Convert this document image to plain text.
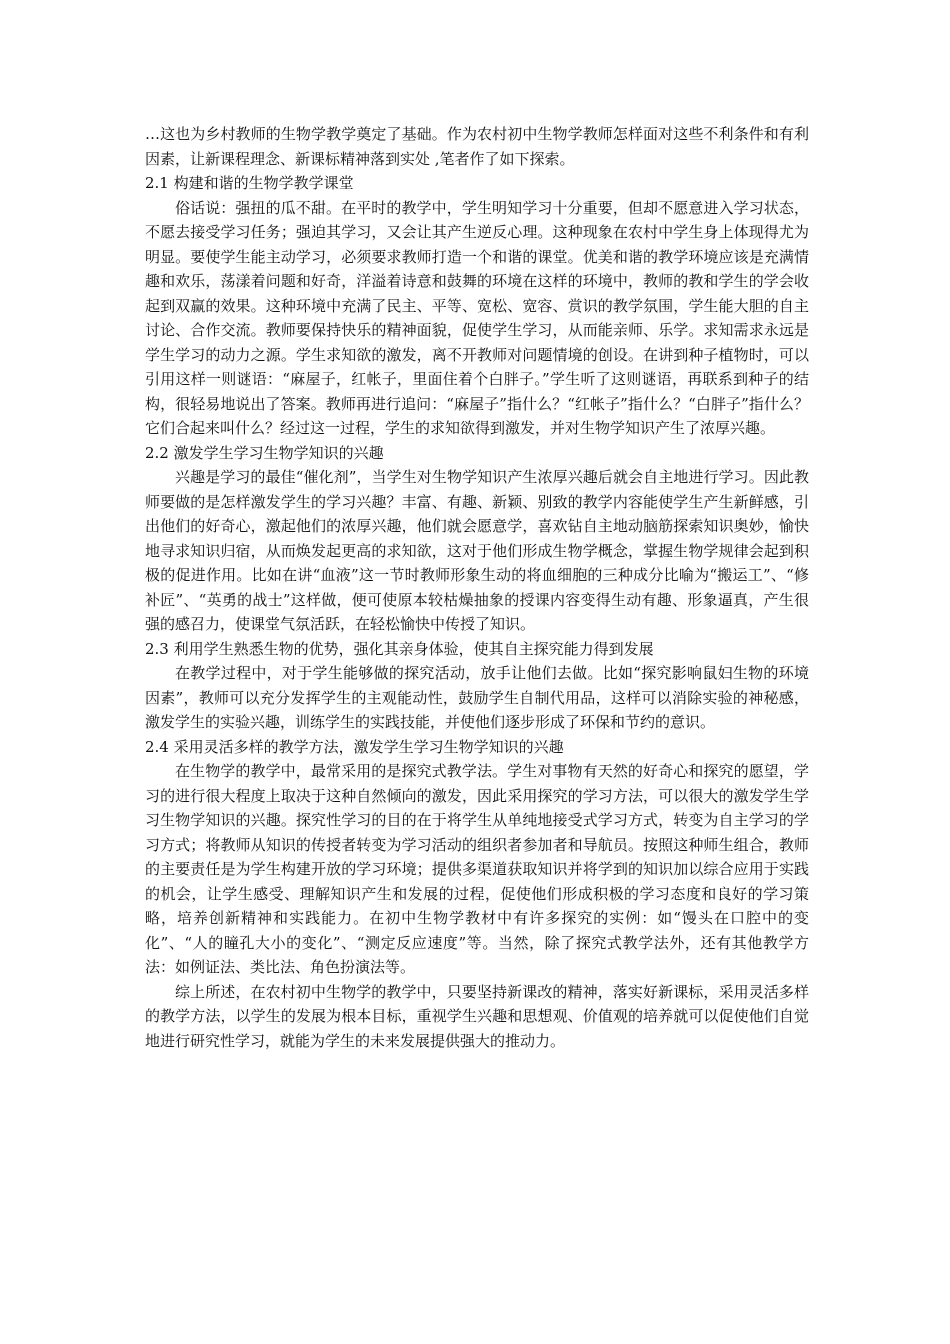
…这也为乡村教师的生物学教学奠定了基础。作为农村初中生物学教师怎样面对这些不利条件和有利因素，让新课程理念、新课标精神落到实处 ,笔者作了如下探索。

2.1 构建和谐的生物学教学课堂

俗话说：强扭的瓜不甜。在平时的教学中，学生明知学习十分重要，但却不愿意进入学习状态，不愿去接受学习任务；强迫其学习，又会让其产生逆反心理。这种现象在农村中学生身上体现得尤为明显。要使学生能主动学习，必须要求教师打造一个和谐的课堂。优美和谐的教学环境应该是充满情趣和欢乐，荡漾着问题和好奇，洋溢着诗意和鼓舞的环境在这样的环境中，教师的教和学生的学会收起到双赢的效果。这种环境中充满了民主、平等、宽松、宽容、赏识的教学氛围，学生能大胆的自主讨论、合作交流。教师要保持快乐的精神面貌，促使学生学习，从而能亲师、乐学。求知需求永远是学生学习的动力之源。学生求知欲的激发，离不开教师对问题情境的创设。在讲到种子植物时，可以引用这样一则谜语：“麻屋子，红帐子，里面住着个白胖子。”学生听了这则谜语，再联系到种子的结构，很轻易地说出了答案。教师再进行追问：“麻屋子”指什么？“红帐子”指什么？“白胖子”指什么？它们合起来叫什么？经过这一过程，学生的求知欲得到激发，并对生物学知识产生了浓厚兴趣。

2.2 激发学生学习生物学知识的兴趣

兴趣是学习的最佳“催化剂”，当学生对生物学知识产生浓厚兴趣后就会自主地进行学习。因此教师要做的是怎样激发学生的学习兴趣？丰富、有趣、新颖、别致的教学内容能使学生产生新鲜感，引出他们的好奇心，激起他们的浓厚兴趣，他们就会愿意学，喜欢钻自主地动脑筋探索知识奥妙，愉快地寻求知识归宿，从而焕发起更高的求知欲，这对于他们形成生物学概念，掌握生物学规律会起到积极的促进作用。比如在讲“血液”这一节时教师形象生动的将血细胞的三种成分比喻为“搬运工”、“修补匠”、“英勇的战士”这样做，便可使原本较枯燥抽象的授课内容变得生动有趣、形象逼真，产生很强的感召力，使课堂气氛活跃，在轻松愉快中传授了知识。

2.3 利用学生熟悉生物的优势，强化其亲身体验，使其自主探究能力得到发展

在教学过程中，对于学生能够做的探究活动，放手让他们去做。比如“探究影响鼠妇生物的环境因素”，教师可以充分发挥学生的主观能动性，鼓励学生自制代用品，这样可以消除实验的神秘感，激发学生的实验兴趣，训练学生的实践技能，并使他们逐步形成了环保和节约的意识。

2.4 采用灵活多样的教学方法，激发学生学习生物学知识的兴趣

在生物学的教学中，最常采用的是探究式教学法。学生对事物有天然的好奇心和探究的愿望，学习的进行很大程度上取决于这种自然倾向的激发，因此采用探究的学习方法，可以很大的激发学生学习生物学知识的兴趣。探究性学习的目的在于将学生从单纯地接受式学习方式，转变为自主学习的学习方式；将教师从知识的传授者转变为学习活动的组织者参加者和导航员。按照这种师生组合，教师的主要责任是为学生构建开放的学习环境；提供多渠道获取知识并将学到的知识加以综合应用于实践的机会，让学生感受、理解知识产生和发展的过程，促使他们形成积极的学习态度和良好的学习策略，培养创新精神和实践能力。在初中生物学教材中有许多探究的实例：如“馒头在口腔中的变化”、“人的瞳孔大小的变化”、“测定反应速度”等。当然，除了探究式教学法外，还有其他教学方法：如例证法、类比法、角色扮演法等。

综上所述，在农村初中生物学的教学中，只要坚持新课改的精神，落实好新课标，采用灵活多样的教学方法，以学生的发展为根本目标，重视学生兴趣和思想观、价值观的培养就可以促使他们自觉地进行研究性学习，就能为学生的未来发展提供强大的推动力。
